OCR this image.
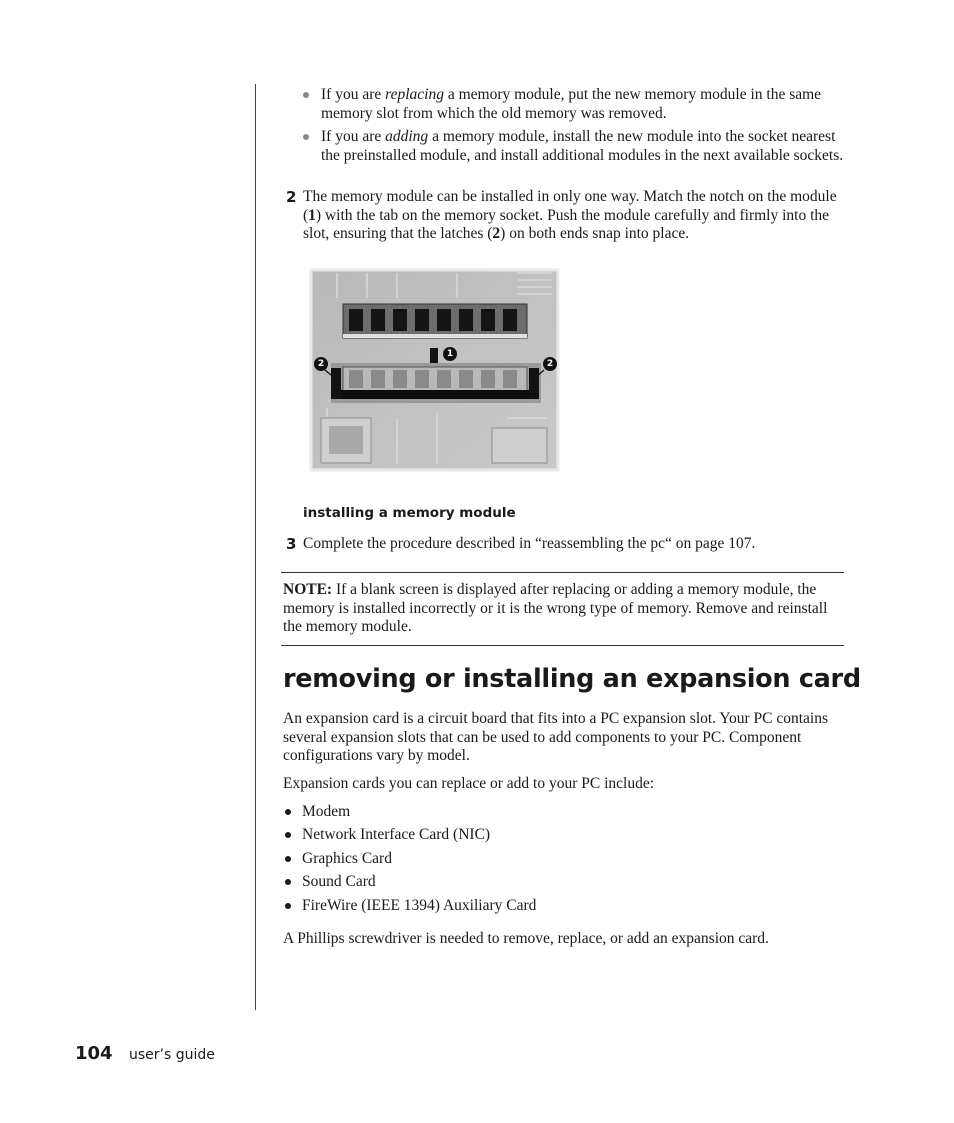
If you are replacing a memory module, put the new memory module in the same memory slot from which the old memory was removed.
If you are adding a memory module, install the new module into the socket nearest the preinstalled module, and install additional modules in the next available sockets.
2 The memory module can be installed in only one way. Match the notch on the module (1) with the tab on the memory socket. Push the module carefully and firmly into the slot, ensuring that the latches (2) on both ends snap into place.
1
2	2
installing a memory module
3 Complete the procedure described in “reassembling the pc“ on page 107.
NOTE: If a blank screen is displayed after replacing or adding a memory module, the memory is installed incorrectly or it is the wrong type of memory. Remove and reinstall the memory module.
removing or installing an expansion card
An expansion card is a circuit board that fits into a PC expansion slot. Your PC contains several expansion slots that can be used to add components to your PC. Component configurations vary by model.
Expansion cards you can replace or add to your PC include:
Modem
Network Interface Card (NIC)
Graphics Card
Sound Card
FireWire (IEEE 1394) Auxiliary Card
A Phillips screwdriver is needed to remove, replace, or add an expansion card.
104 user’s guide
